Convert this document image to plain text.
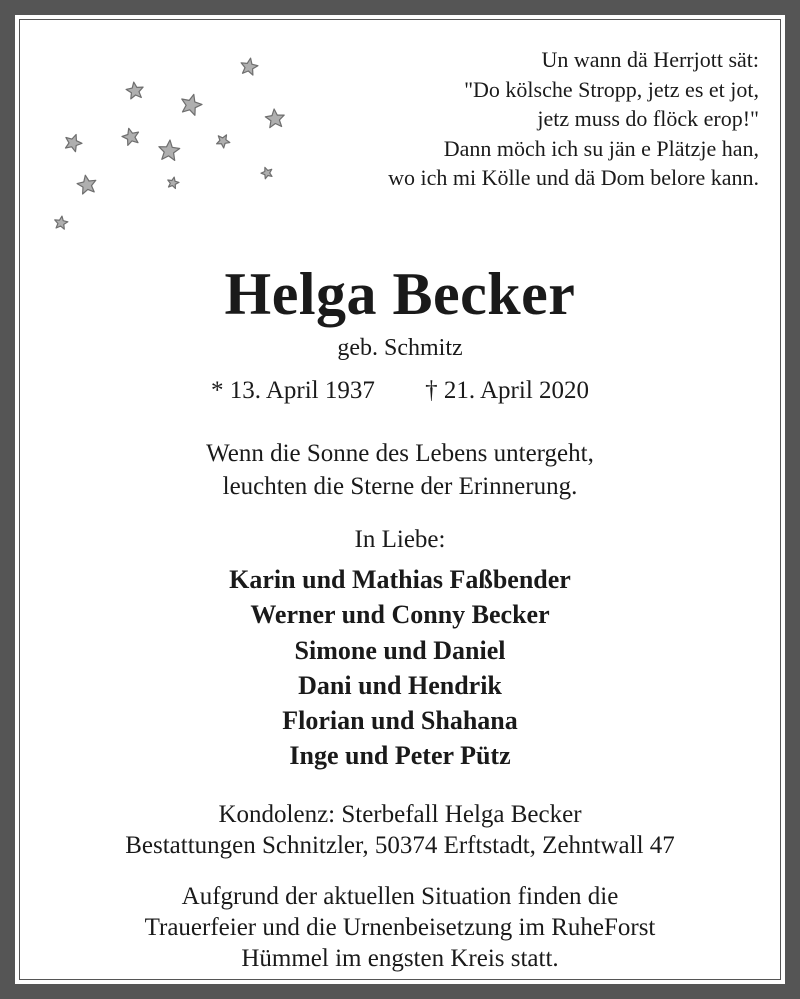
Un wann dä Herrjott sät:
"Do kölsche Stropp, jetz es et jot,
jetz muss do flöck erop!"
Dann möch ich su jän e Plätzje han,
wo ich mi Kölle und dä Dom belore kann.
Helga Becker
geb. Schmitz
* 13. April 1937 † 21. April 2020
Wenn die Sonne des Lebens untergeht,
leuchten die Sterne der Erinnerung.
In Liebe:
Karin und Mathias Faßbender
Werner und Conny Becker
Simone und Daniel
Dani und Hendrik
Florian und Shahana
Inge und Peter Pütz
Kondolenz: Sterbefall Helga Becker
Bestattungen Schnitzler, 50374 Erftstadt, Zehntwall 47
Aufgrund der aktuellen Situation finden die
Trauerfeier und die Urnenbeisetzung im RuheForst
Hümmel im engsten Kreis statt.
